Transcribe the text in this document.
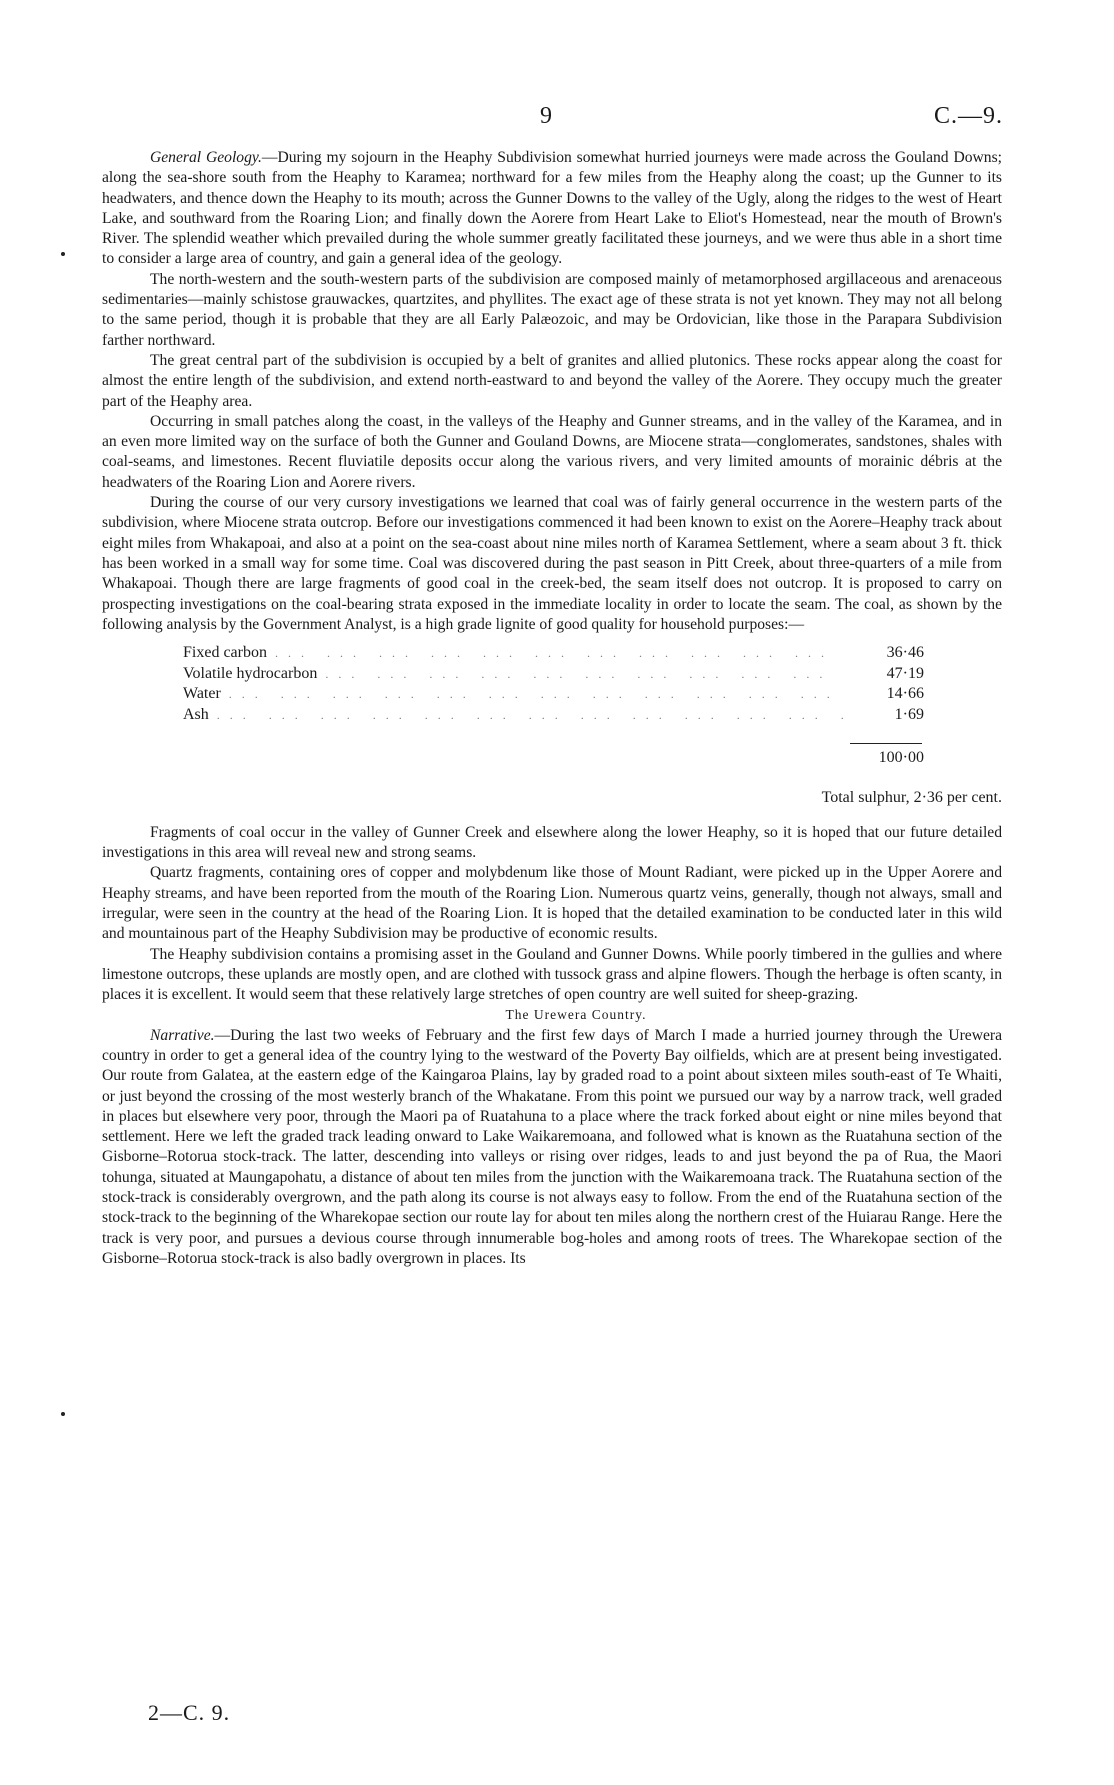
9	C.—9.

General Geology.—During my sojourn in the Heaphy Subdivision somewhat hurried journeys were made across the Gouland Downs; along the sea-shore south from the Heaphy to Karamea; northward for a few miles from the Heaphy along the coast; up the Gunner to its headwaters, and thence down the Heaphy to its mouth; across the Gunner Downs to the valley of the Ugly, along the ridges to the west of Heart Lake, and southward from the Roaring Lion; and finally down the Aorere from Heart Lake to Eliot's Homestead, near the mouth of Brown's River. The splendid weather which prevailed during the whole summer greatly facilitated these journeys, and we were thus able in a short time to consider a large area of country, and gain a general idea of the geology.

The north-western and the south-western parts of the subdivision are composed mainly of metamorphosed argillaceous and arenaceous sedimentaries—mainly schistose grauwackes, quartzites, and phyllites. The exact age of these strata is not yet known. They may not all belong to the same period, though it is probable that they are all Early Palæozoic, and may be Ordovician, like those in the Parapara Subdivision farther northward.

The great central part of the subdivision is occupied by a belt of granites and allied plutonics. These rocks appear along the coast for almost the entire length of the subdivision, and extend north-eastward to and beyond the valley of the Aorere. They occupy much the greater part of the Heaphy area.

Occurring in small patches along the coast, in the valleys of the Heaphy and Gunner streams, and in the valley of the Karamea, and in an even more limited way on the surface of both the Gunner and Gouland Downs, are Miocene strata—conglomerates, sandstones, shales with coal-seams, and limestones. Recent fluviatile deposits occur along the various rivers, and very limited amounts of morainic débris at the headwaters of the Roaring Lion and Aorere rivers.

During the course of our very cursory investigations we learned that coal was of fairly general occurrence in the western parts of the subdivision, where Miocene strata outcrop. Before our investigations commenced it had been known to exist on the Aorere–Heaphy track about eight miles from Whakapoai, and also at a point on the sea-coast about nine miles north of Karamea Settlement, where a seam about 3 ft. thick has been worked in a small way for some time. Coal was discovered during the past season in Pitt Creek, about three-quarters of a mile from Whakapoai. Though there are large fragments of good coal in the creek-bed, the seam itself does not outcrop. It is proposed to carry on prospecting investigations on the coal-bearing strata exposed in the immediate locality in order to locate the seam. The coal, as shown by the following analysis by the Government Analyst, is a high grade lignite of good quality for household purposes:—

Fixed carbon ... .	36·46
Volatile hydrocarbon ... .	47·19
Water ... .	14·66
Ash ... .	1·69
100·00
Total sulphur, 2·36 per cent.

Fragments of coal occur in the valley of Gunner Creek and elsewhere along the lower Heaphy, so it is hoped that our future detailed investigations in this area will reveal new and strong seams.

Quartz fragments, containing ores of copper and molybdenum like those of Mount Radiant, were picked up in the Upper Aorere and Heaphy streams, and have been reported from the mouth of the Roaring Lion. Numerous quartz veins, generally, though not always, small and irregular, were seen in the country at the head of the Roaring Lion. It is hoped that the detailed examination to be conducted later in this wild and mountainous part of the Heaphy Subdivision may be productive of economic results.

The Heaphy subdivision contains a promising asset in the Gouland and Gunner Downs. While poorly timbered in the gullies and where limestone outcrops, these uplands are mostly open, and are clothed with tussock grass and alpine flowers. Though the herbage is often scanty, in places it is excellent. It would seem that these relatively large stretches of open country are well suited for sheep-grazing.

The Urewera Country.

Narrative.—During the last two weeks of February and the first few days of March I made a hurried journey through the Urewera country in order to get a general idea of the country lying to the westward of the Poverty Bay oilfields, which are at present being investigated. Our route from Galatea, at the eastern edge of the Kaingaroa Plains, lay by graded road to a point about sixteen miles south-east of Te Whaiti, or just beyond the crossing of the most westerly branch of the Whakatane. From this point we pursued our way by a narrow track, well graded in places but elsewhere very poor, through the Maori pa of Ruatahuna to a place where the track forked about eight or nine miles beyond that settlement. Here we left the graded track leading onward to Lake Waikaremoana, and followed what is known as the Ruatahuna section of the Gisborne–Rotorua stock-track. The latter, descending into valleys or rising over ridges, leads to and just beyond the pa of Rua, the Maori tohunga, situated at Maungapohatu, a distance of about ten miles from the junction with the Waikaremoana track. The Ruatahuna section of the stock-track is considerably overgrown, and the path along its course is not always easy to follow. From the end of the Ruatahuna section of the stock-track to the beginning of the Wharekopae section our route lay for about ten miles along the northern crest of the Huiarau Range. Here the track is very poor, and pursues a devious course through innumerable bog-holes and among roots of trees. The Wharekopae section of the Gisborne–Rotorua stock-track is also badly overgrown in places. Its

2—C. 9.
